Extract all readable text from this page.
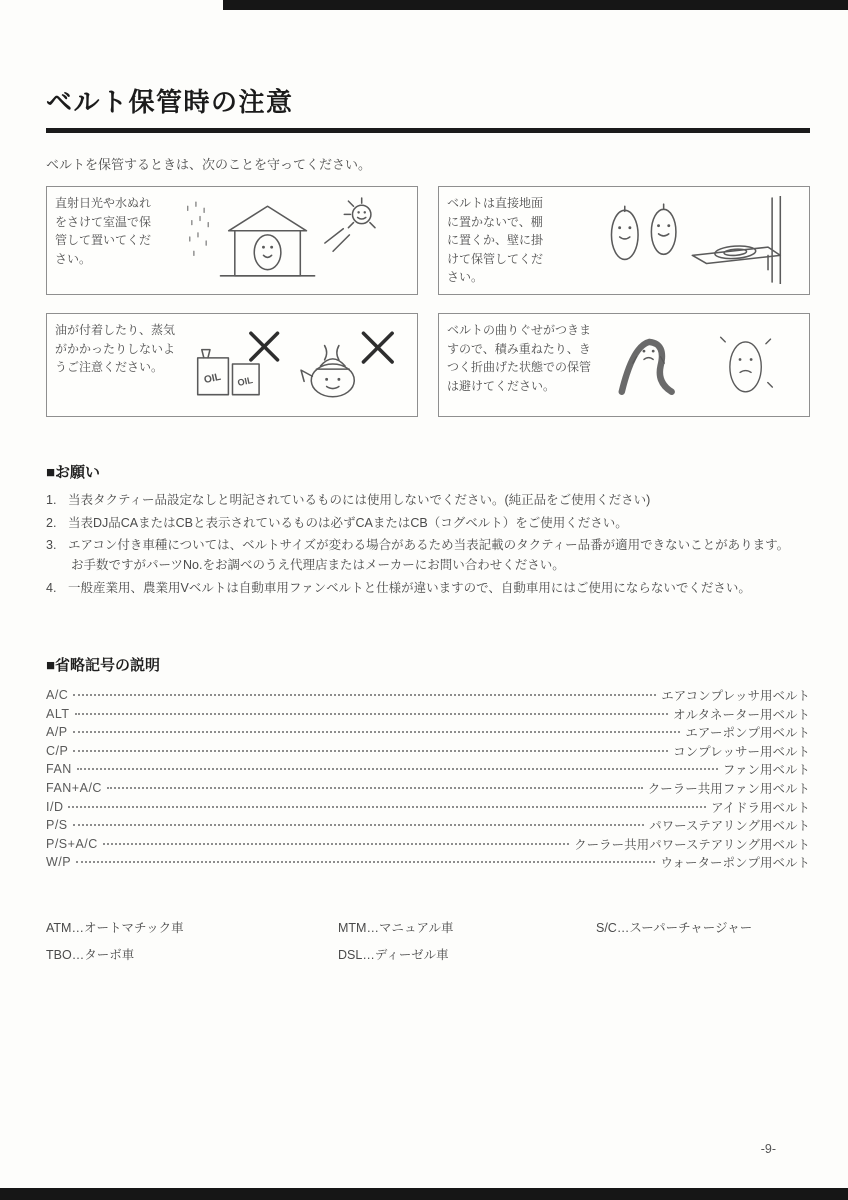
ベルト保管時の注意
ベルトを保管するときは、次のことを守ってください。
直射日光や水ぬれをさけて室温で保管して置いてください。
ベルトは直接地面に置かないで、棚に置くか、壁に掛けて保管してください。
油が付着したり、蒸気がかかったりしないようご注意ください。
OIL OIL
ベルトの曲りぐせがつきますので、積み重ねたり、きつく折曲げた状態での保管は避けてください。
■お願い
1. 当表タクティー品設定なしと明記されているものには使用しないでください。(純正品をご使用ください)
2. 当表DJ品CAまたはCBと表示されているものは必ずCAまたはCB（コグベルト）をご使用ください。
3. エアコン付き車種については、ベルトサイズが変わる場合があるため当表記載のタクティー品番が適用できないことがあります。
お手数ですがパーツNo.をお調べのうえ代理店またはメーカーにお問い合わせください。
4. 一般産業用、農業用Vベルトは自動車用ファンベルトと仕様が違いますので、自動車用にはご使用にならないでください。
■省略記号の説明
A/C	エアコンプレッサ用ベルト
ALT	オルタネーター用ベルト
A/P	エアーポンプ用ベルト
C/P	コンプレッサー用ベルト
FAN	ファン用ベルト
FAN+A/C	クーラー共用ファン用ベルト
I/D	アイドラ用ベルト
P/S	パワーステアリング用ベルト
P/S+A/C	クーラー共用パワーステアリング用ベルト
W/P	ウォーターポンプ用ベルト
ATM…オートマチック車	MTM…マニュアル車	S/C…スーパーチャージャー
TBO…ターボ車	DSL…ディーゼル車
-9-
